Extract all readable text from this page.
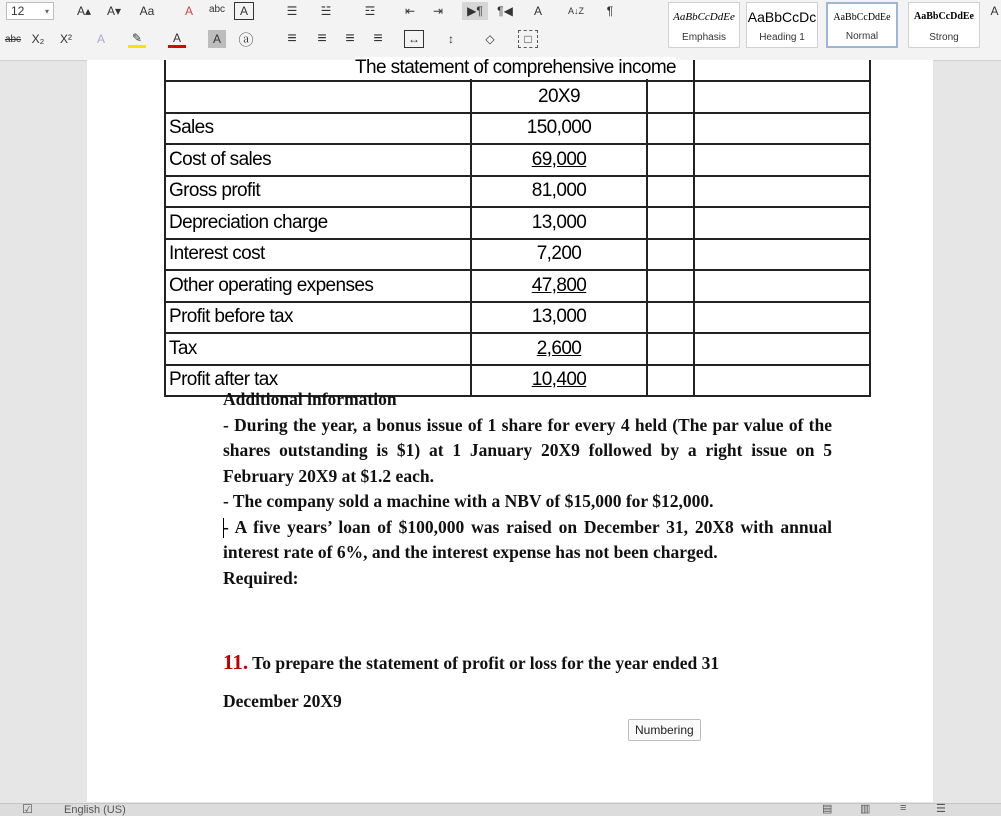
12	▾ A▴ A▾	Aa	A	abc	A	☰	☱	☲	⇤	⇥	▶¶	¶◀	A	A↓Z	¶
abc X₂	X²	A	✎	A	A	ⓐ	≡	≡	≡	≡	↔	↕	◇	□
AaBbCcDdEe
Emphasis
AaBbCcDc
Heading 1
AaBbCcDdEe
Normal
AaBbCcDdEe
Strong
A

	20X9		
Sales	150,000		
Cost of sales	69,000		
Gross profit	81,000		
Depreciation charge	13,000		
Interest cost	7,200		
Other operating expenses	47,800		
Profit before tax	13,000		
Tax	2,600		
Profit after tax	10,400		
The statement of comprehensive income

Additional information

- During the year, a bonus issue of 1 share for every 4 held (The par value of the shares outstanding is $1) at 1 January 20X9 followed by a right issue on 5 February 20X9 at $1.2 each.

- The company sold a machine with a NBV of $15,000 for $12,000.

- A five years’ loan of $100,000 was raised on December 31, 20X8 with annual interest rate of 6%, and the interest expense has not been charged.

Required:

11. To prepare the statement of profit or loss for the year ended 31
December 20X9
Numbering
☑	English (US)	▤	▥	≡	☰
